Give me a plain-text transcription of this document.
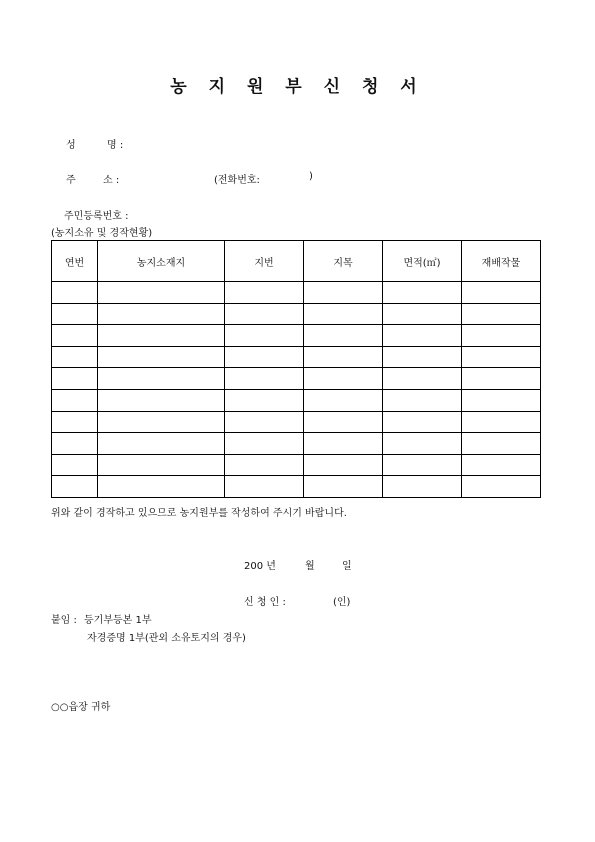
농 지 원 부 신 청 서
성	명 :
주	소 :	(전화번호:	)
주민등록번호 :
(농지소유 및 경작현황)
연번	농지소재지	지번	지목	면적(㎡)	재배작물

위와 같이 경작하고 있으므로 농지원부를 작성하여 주시기 바랍니다.
200 년	월	일
신 청 인 :	(인)
붙임 : 등기부등본 1부
자경증명 1부(관외 소유토지의 경우)
○○읍장 귀하
